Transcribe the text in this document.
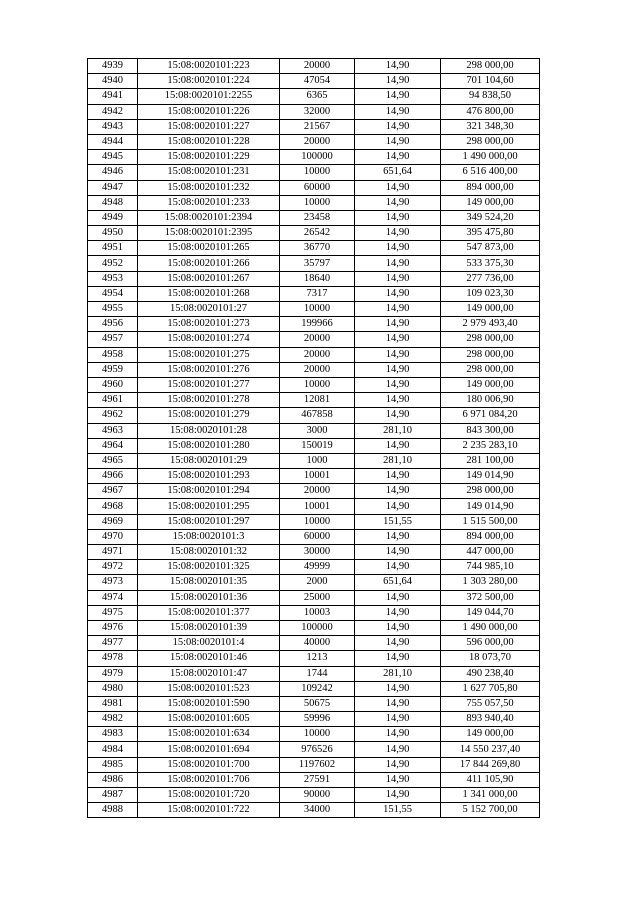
4939	15:08:0020101:223	20000	14,90	298 000,00
4940	15:08:0020101:224	47054	14,90	701 104,60
4941	15:08:0020101:2255	6365	14,90	94 838,50
4942	15:08:0020101:226	32000	14,90	476 800,00
4943	15:08:0020101:227	21567	14,90	321 348,30
4944	15:08:0020101:228	20000	14,90	298 000,00
4945	15:08:0020101:229	100000	14,90	1 490 000,00
4946	15:08:0020101:231	10000	651,64	6 516 400,00
4947	15:08:0020101:232	60000	14,90	894 000,00
4948	15:08:0020101:233	10000	14,90	149 000,00
4949	15:08:0020101:2394	23458	14,90	349 524,20
4950	15:08:0020101:2395	26542	14,90	395 475,80
4951	15:08:0020101:265	36770	14,90	547 873,00
4952	15:08:0020101:266	35797	14,90	533 375,30
4953	15:08:0020101:267	18640	14,90	277 736,00
4954	15:08:0020101:268	7317	14,90	109 023,30
4955	15:08:0020101:27	10000	14,90	149 000,00
4956	15:08:0020101:273	199966	14,90	2 979 493,40
4957	15:08:0020101:274	20000	14,90	298 000,00
4958	15:08:0020101:275	20000	14,90	298 000,00
4959	15:08:0020101:276	20000	14,90	298 000,00
4960	15:08:0020101:277	10000	14,90	149 000,00
4961	15:08:0020101:278	12081	14,90	180 006,90
4962	15:08:0020101:279	467858	14,90	6 971 084,20
4963	15:08:0020101:28	3000	281,10	843 300,00
4964	15:08:0020101:280	150019	14,90	2 235 283,10
4965	15:08:0020101:29	1000	281,10	281 100,00
4966	15:08:0020101:293	10001	14,90	149 014,90
4967	15:08:0020101:294	20000	14,90	298 000,00
4968	15:08:0020101:295	10001	14,90	149 014,90
4969	15:08:0020101:297	10000	151,55	1 515 500,00
4970	15:08:0020101:3	60000	14,90	894 000,00
4971	15:08:0020101:32	30000	14,90	447 000,00
4972	15:08:0020101:325	49999	14,90	744 985,10
4973	15:08:0020101:35	2000	651,64	1 303 280,00
4974	15:08:0020101:36	25000	14,90	372 500,00
4975	15:08:0020101:377	10003	14,90	149 044,70
4976	15:08:0020101:39	100000	14,90	1 490 000,00
4977	15:08:0020101:4	40000	14,90	596 000,00
4978	15:08:0020101:46	1213	14,90	18 073,70
4979	15:08:0020101:47	1744	281,10	490 238,40
4980	15:08:0020101:523	109242	14,90	1 627 705,80
4981	15:08:0020101:590	50675	14,90	755 057,50
4982	15:08:0020101:605	59996	14,90	893 940,40
4983	15:08:0020101:634	10000	14,90	149 000,00
4984	15:08:0020101:694	976526	14,90	14 550 237,40
4985	15:08:0020101:700	1197602	14,90	17 844 269,80
4986	15:08:0020101:706	27591	14,90	411 105,90
4987	15:08:0020101:720	90000	14,90	1 341 000,00
4988	15:08:0020101:722	34000	151,55	5 152 700,00
